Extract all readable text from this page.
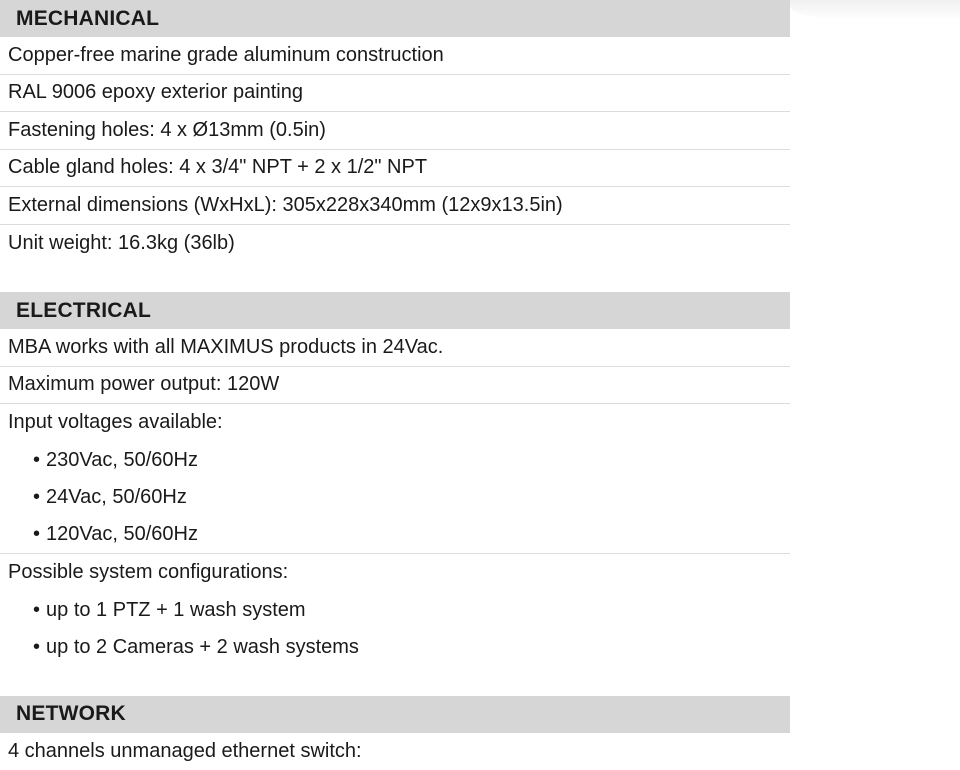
MECHANICAL
Copper-free marine grade aluminum construction
RAL 9006 epoxy exterior painting
Fastening holes: 4 x Ø13mm (0.5in)
Cable gland holes: 4 x 3/4" NPT + 2 x 1/2" NPT
External dimensions (WxHxL): 305x228x340mm (12x9x13.5in)
Unit weight: 16.3kg (36lb)
ELECTRICAL
MBA works with all MAXIMUS products in 24Vac.
Maximum power output: 120W
Input voltages available:
• 230Vac, 50/60Hz
• 24Vac, 50/60Hz
• 120Vac, 50/60Hz
Possible system configurations:
• up to 1 PTZ + 1 wash system
• up to 2 Cameras + 2 wash systems
NETWORK
4 channels unmanaged ethernet switch:
